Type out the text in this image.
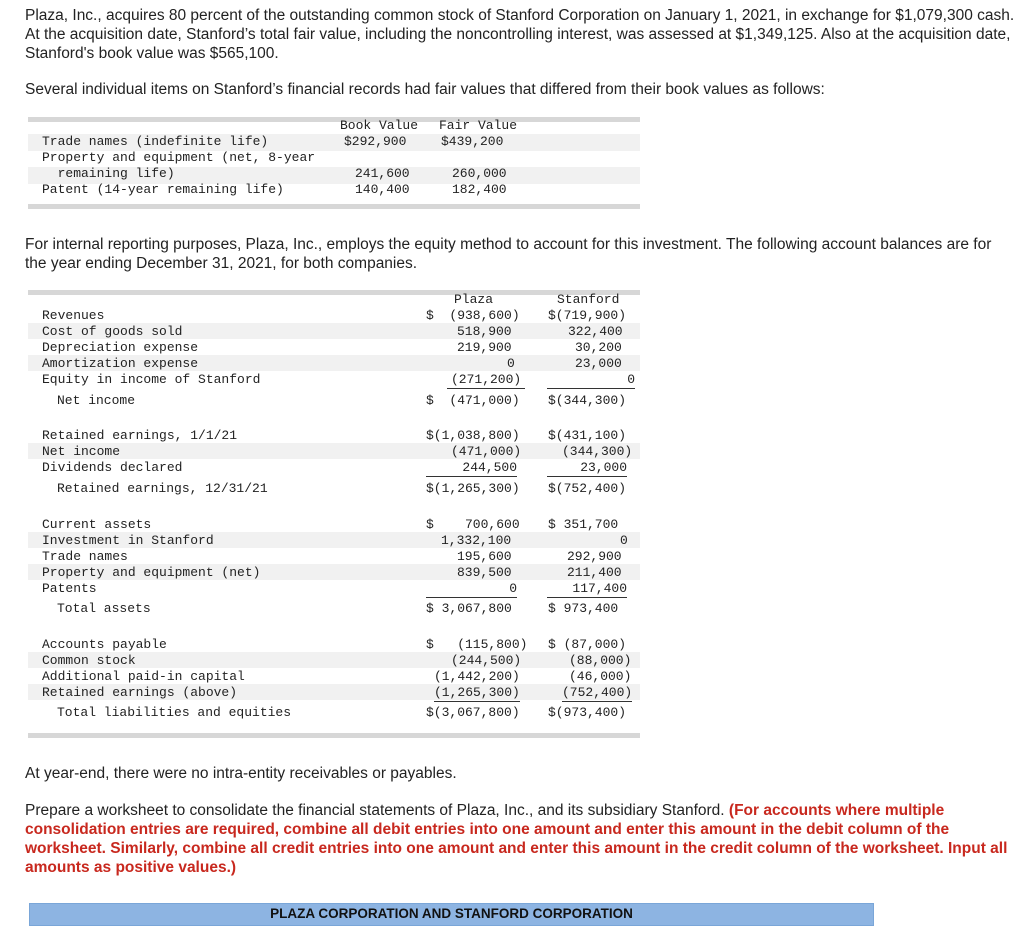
Plaza, Inc., acquires 80 percent of the outstanding common stock of Stanford Corporation on January 1, 2021, in exchange for $1,079,300 cash. At the acquisition date, Stanford’s total fair value, including the noncontrolling interest, was assessed at $1,349,125. Also at the acquisition date, Stanford's book value was $565,100.

Several individual items on Stanford’s financial records had fair values that differed from their book values as follows:

Book Value Fair Value
Trade names (indefinite life)	$292,900	$439,200
Property and equipment (net, 8-year
remaining life)	241,600	260,000
Patent (14-year remaining life)	140,400	182,400

For internal reporting purposes, Plaza, Inc., employs the equity method to account for this investment. The following account balances are for the year ending December 31, 2021, for both companies.

Plaza	Stanford
Revenues	$  (938,600) $(719,900)
Cost of goods sold	518,900	322,400
Depreciation expense	219,900	30,200
Amortization expense	0	23,000
Equity in income of Stanford	(271,200)	0
Net income	$  (471,000) $(344,300)
Retained earnings, 1/1/21	$(1,038,800) $(431,100)
Net income	(471,000)	(344,300)
Dividends declared	244,500	23,000
Retained earnings, 12/31/21	$(1,265,300) $(752,400)
Current assets	$    700,600 $ 351,700
Investment in Stanford	1,332,100	0
Trade names	195,600	292,900
Property and equipment (net)	839,500	211,400
Patents	0	117,400
Total assets	$ 3,067,800	$ 973,400
Accounts payable	$   (115,800) $ (87,000)
Common stock	(244,500)	(88,000)
Additional paid-in capital	(1,442,200)	(46,000)
Retained earnings (above)	(1,265,300)	(752,400)
Total liabilities and equities	$(3,067,800) $(973,400)

At year-end, there were no intra-entity receivables or payables.

Prepare a worksheet to consolidate the financial statements of Plaza, Inc., and its subsidiary Stanford. (For accounts where multiple consolidation entries are required, combine all debit entries into one amount and enter this amount in the debit column of the worksheet. Similarly, combine all credit entries into one amount and enter this amount in the credit column of the worksheet. Input all amounts as positive values.)

PLAZA CORPORATION AND STANFORD CORPORATION
